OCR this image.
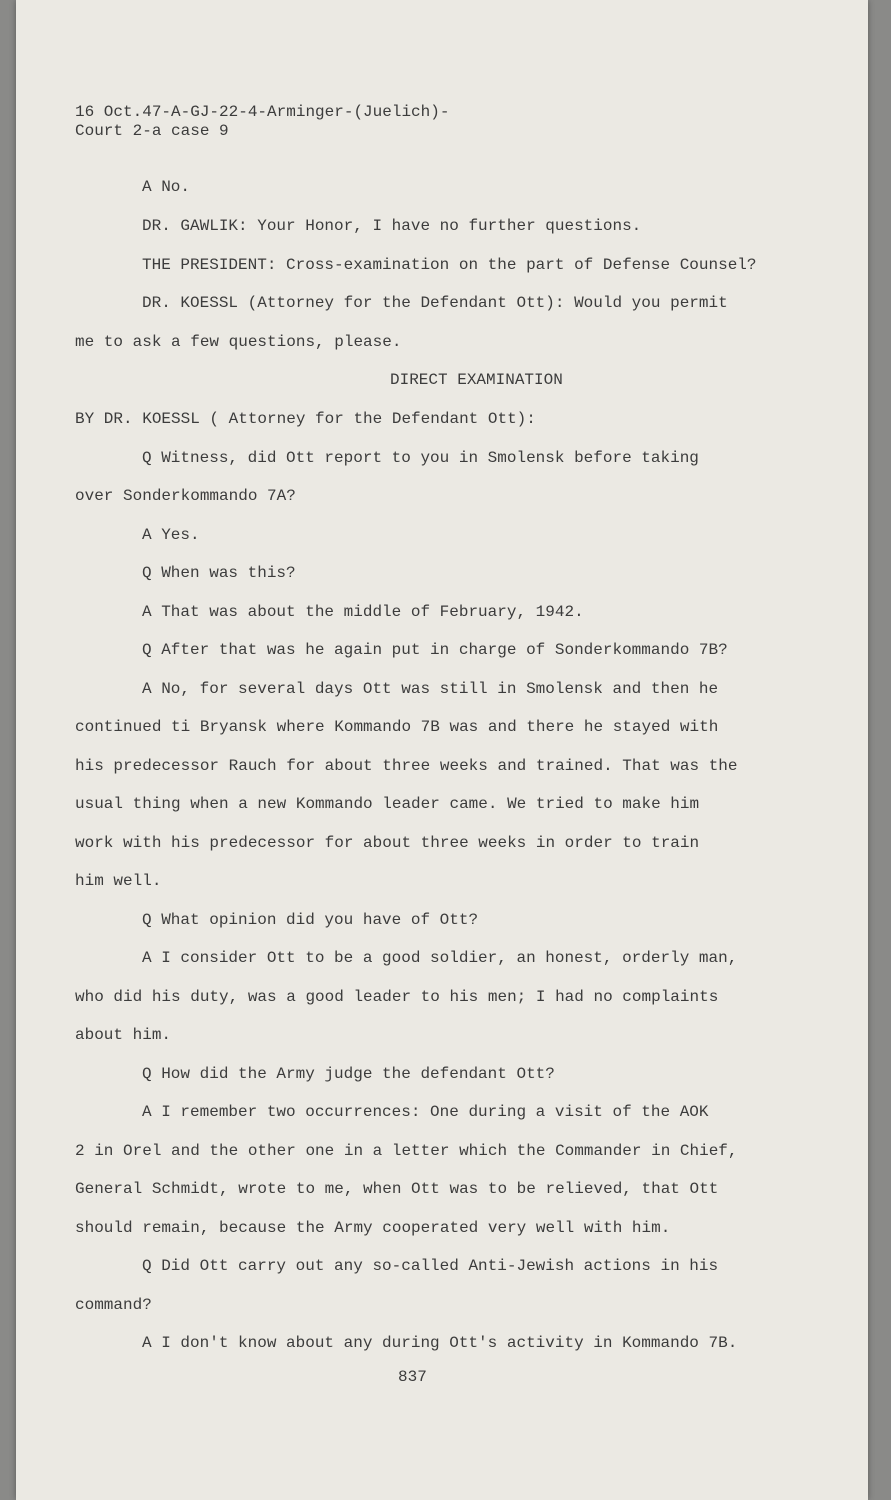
16 Oct.47-A-GJ-22-4-Arminger-(Juelich)-
Court 2-a case 9
A No.
DR. GAWLIK: Your Honor, I have no further questions.
THE PRESIDENT: Cross-examination on the part of Defense Counsel?
DR. KOESSL (Attorney for the Defendant Ott): Would you permit
me to ask a few questions, please.
DIRECT EXAMINATION
BY DR. KOESSL ( Attorney for the Defendant Ott):
Q Witness, did Ott report to you in Smolensk before taking
over Sonderkommando 7A?
A Yes.
Q When was this?
A That was about the middle of February, 1942.
Q After that was he again put in charge of Sonderkommando 7B?
A No, for several days Ott was still in Smolensk and then he
continued ti Bryansk where Kommando 7B was and there he stayed with
his predecessor Rauch for about three weeks and trained. That was the
usual thing when a new Kommando leader came. We tried to make him
work with his predecessor for about three weeks in order to train
him well.
Q What opinion did you have of Ott?
A I consider Ott to be a good soldier, an honest, orderly man,
who did his duty, was a good leader to his men; I had no complaints
about him.
Q How did the Army judge the defendant Ott?
A I remember two occurrences: One during a visit of the AOK
2 in Orel and the other one in a letter which the Commander in Chief,
General Schmidt, wrote to me, when Ott was to be relieved, that Ott
should remain, because the Army cooperated very well with him.
Q Did Ott carry out any so-called Anti-Jewish actions in his
command?
A I don't know about any during Ott's activity in Kommando 7B.
837
